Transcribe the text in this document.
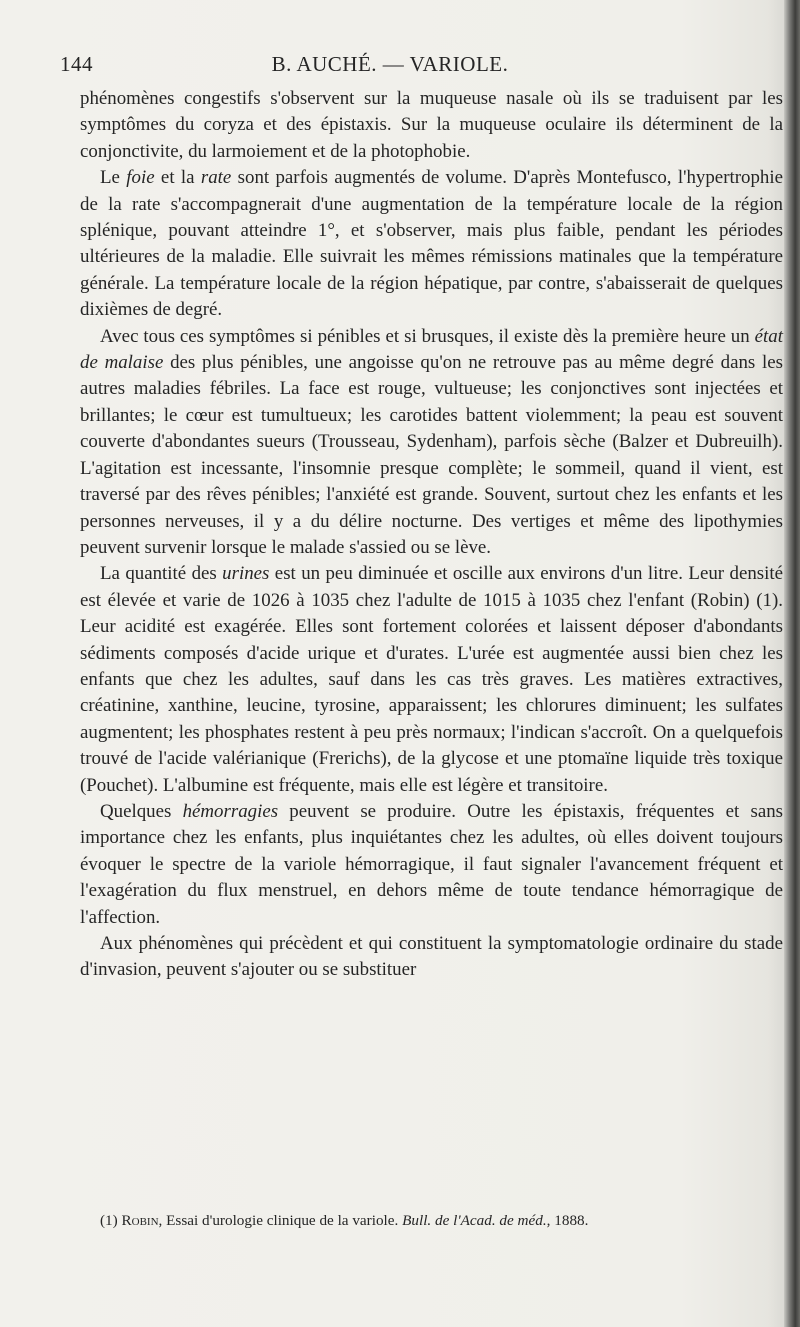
144	B. AUCHÉ. — VARIOLE.

phénomènes congestifs s'observent sur la muqueuse nasale où ils se traduisent par les symptômes du coryza et des épistaxis. Sur la muqueuse oculaire ils déterminent de la conjonctivite, du larmoiement et de la photophobie.

Le foie et la rate sont parfois augmentés de volume. D'après Montefusco, l'hypertrophie de la rate s'accompagnerait d'une augmentation de la température locale de la région splénique, pouvant atteindre 1°, et s'observer, mais plus faible, pendant les périodes ultérieures de la maladie. Elle suivrait les mêmes rémissions matinales que la température générale. La température locale de la région hépatique, par contre, s'abaisserait de quelques dixièmes de degré.

Avec tous ces symptômes si pénibles et si brusques, il existe dès la première heure un état de malaise des plus pénibles, une angoisse qu'on ne retrouve pas au même degré dans les autres maladies fébriles. La face est rouge, vultueuse; les conjonctives sont injectées et brillantes; le cœur est tumultueux; les carotides battent violemment; la peau est souvent couverte d'abondantes sueurs (Trousseau, Sydenham), parfois sèche (Balzer et Dubreuilh). L'agitation est incessante, l'insomnie presque complète; le sommeil, quand il vient, est traversé par des rêves pénibles; l'anxiété est grande. Souvent, surtout chez les enfants et les personnes nerveuses, il y a du délire nocturne. Des vertiges et même des lipothymies peuvent survenir lorsque le malade s'assied ou se lève.

La quantité des urines est un peu diminuée et oscille aux environs d'un litre. Leur densité est élevée et varie de 1026 à 1035 chez l'adulte de 1015 à 1035 chez l'enfant (Robin) (1). Leur acidité est exagérée. Elles sont fortement colorées et laissent déposer d'abondants sédiments composés d'acide urique et d'urates. L'urée est augmentée aussi bien chez les enfants que chez les adultes, sauf dans les cas très graves. Les matières extractives, créatinine, xanthine, leucine, tyrosine, apparaissent; les chlorures diminuent; les sulfates augmentent; les phosphates restent à peu près normaux; l'indican s'accroît. On a quelquefois trouvé de l'acide valérianique (Frerichs), de la glycose et une ptomaïne liquide très toxique (Pouchet). L'albumine est fréquente, mais elle est légère et transitoire.

Quelques hémorragies peuvent se produire. Outre les épistaxis, fréquentes et sans importance chez les enfants, plus inquiétantes chez les adultes, où elles doivent toujours évoquer le spectre de la variole hémorragique, il faut signaler l'avancement fréquent et l'exagération du flux menstruel, en dehors même de toute tendance hémorragique de l'affection.

Aux phénomènes qui précèdent et qui constituent la symptomatologie ordinaire du stade d'invasion, peuvent s'ajouter ou se substituer

(1) Robin, Essai d'urologie clinique de la variole. Bull. de l'Acad. de méd., 1888.
